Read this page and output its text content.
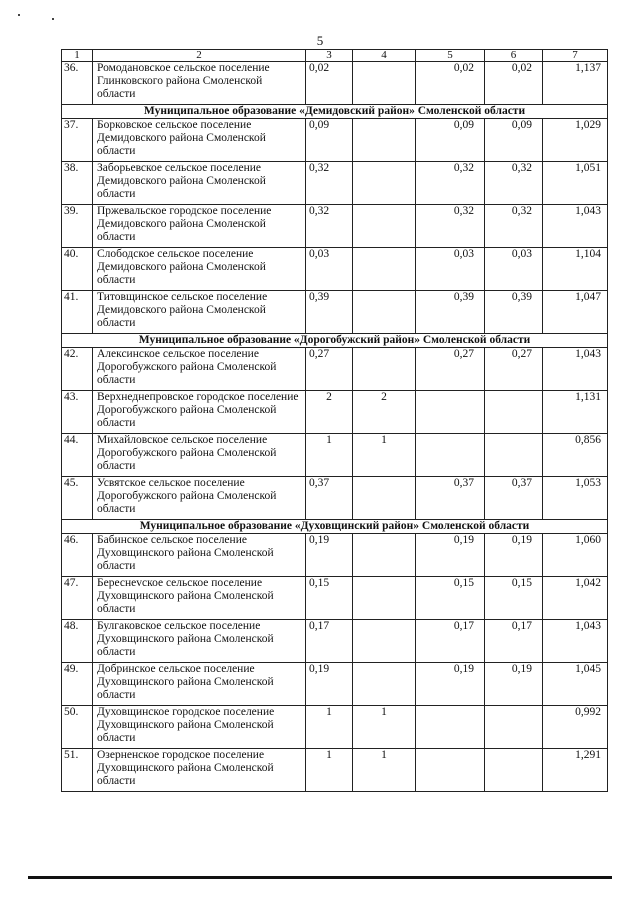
5
1	2	3	4	5	6	7
36.	Ромодановское сельское поселение Глинковского района Смоленской области	0,02		0,02	0,02	1,137
Муниципальное образование «Демидовский район» Смоленской области						
37.	Борковское сельское поселение Демидовского района Смоленской области	0,09		0,09	0,09	1,029
38.	Заборьевское сельское поселение Демидовского района Смоленской области	0,32		0,32	0,32	1,051
39.	Пржевальское городское поселение Демидовского района Смоленской области	0,32		0,32	0,32	1,043
40.	Слободское сельское поселение Демидовского района Смоленской области	0,03		0,03	0,03	1,104
41.	Титовщинское сельское поселение Демидовского района Смоленской области	0,39		0,39	0,39	1,047
Муниципальное образование «Дорогобужский район» Смоленской области						
42.	Алексинское сельское поселение Дорогобужского района Смоленской области	0,27		0,27	0,27	1,043
43.	Верхнеднепровское городское поселение Дорогобужского района Смоленской области	2	2			1,131
44.	Михайловское сельское поселение Дорогобужского района Смоленской области	1	1			0,856
45.	Усвятское сельское поселение Дорогобужского района Смоленской области	0,37		0,37	0,37	1,053
Муниципальное образование «Духовщинский район» Смоленской области						
46.	Бабинское сельское поселение Духовщинского района Смоленской области	0,19		0,19	0,19	1,060
47.	Береснevское сельское поселение Духовщинского района Смоленской области	0,15		0,15	0,15	1,042
48.	Булгаковское сельское поселение Духовщинского района Смоленской области	0,17		0,17	0,17	1,043
49.	Добринское сельское поселение Духовщинского района Смоленской области	0,19		0,19	0,19	1,045
50.	Духовщинское городское поселение Духовщинского района Смоленской области	1	1			0,992
51.	Озерненское городское поселение Духовщинского района Смоленской области	1	1			1,291
